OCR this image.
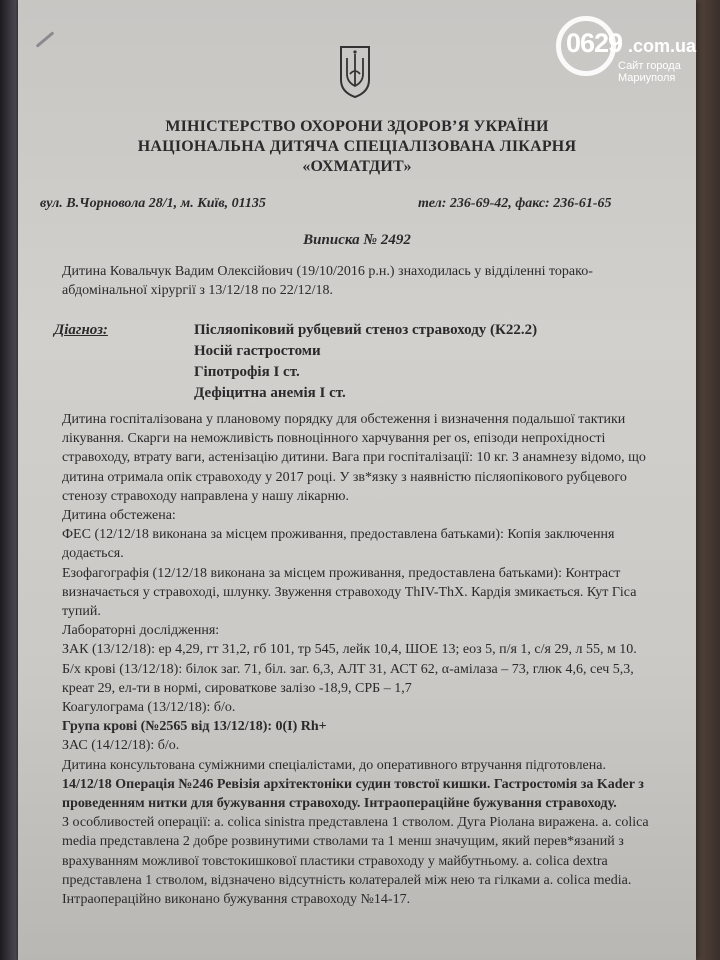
МІНІСТЕРСТВО ОХОРОНИ ЗДОРОВ’Я УКРАЇНИ
НАЦІОНАЛЬНА ДИТЯЧА СПЕЦІАЛІЗОВАНА ЛІКАРНЯ
«ОХМАТДИТ»
вул. В.Чорновола 28/1, м. Київ, 01135	тел: 236-69-42, факс: 236-61-65
Виписка № 2492
Дитина Ковальчук Вадим Олексійович (19/10/2016 р.н.) знаходилась у відділенні торако-
абдомінальної хірургії з 13/12/18 по 22/12/18.
Діагноз:	Післяопіковий рубцевий стеноз стравоходу (К22.2)
Носій гастростоми
Гіпотрофія І ст.
Дефіцитна анемія І ст.
Дитина госпіталізована у плановому порядку для обстеження і визначення подальшої тактики
лікування. Скарги на неможливість повноцінного харчування per os, епізоди непрохідності
стравоходу, втрату ваги, астенізацію дитини. Вага при госпіталізації: 10 кг. З анамнезу відомо, що
дитина отримала опік стравоходу у 2017 році. У зв*язку з наявністю післяопікового рубцевого
стенозу стравоходу направлена у нашу лікарню.
Дитина обстежена:
ФЕС (12/12/18 виконана за місцем проживання, предоставлена батьками): Копія заключення
додається.
Езофагографія (12/12/18 виконана за місцем проживання, предоставлена батьками): Контраст
визначається у стравоході, шлунку. Звуження стравоходу ThIV-ThX. Кардія змикається. Кут Гіса
тупий.
Лабораторні дослідження:
ЗАК (13/12/18): ер 4,29, гт 31,2, гб 101, тр 545, лейк 10,4, ШОЕ 13; еоз 5, п/я 1, с/я 29, л 55, м 10.
Б/х крові (13/12/18): білок заг. 71, біл. заг. 6,3, АЛТ 31, АСТ 62, α-амілаза – 73, глюк 4,6, сеч 5,3,
креат 29, ел-ти в нормі, сироваткове залізо -18,9, СРБ – 1,7
Коагулограма (13/12/18): б/о.
Група крові (№2565 від 13/12/18): 0(I) Rh+
ЗАС (14/12/18): б/о.
Дитина консультована суміжними спеціалістами, до оперативного втручання підготовлена.
14/12/18 Операція №246 Ревізія архітектоніки судин товстої кишки. Гастростомія за Kader з
проведенням нитки для бужування стравоходу. Інтраопераційне бужування стравоходу.
З особливостей операції: a. colica sinistra представлена 1 стволом. Дуга Ріолана виражена. a. colica
media представлена 2 добре розвинутими стволами та 1 менш значущим, який перев*язаний з
врахуванням можливої товстокишкової пластики стравоходу у майбутньому. a. colica dextra
представлена 1 стволом, відзначено відсутність колатералей між нею та гілками a. colica media.
Інтраопераційно виконано бужування стравоходу №14-17.
0629 .com.ua
Сайт города
Мариуполя
